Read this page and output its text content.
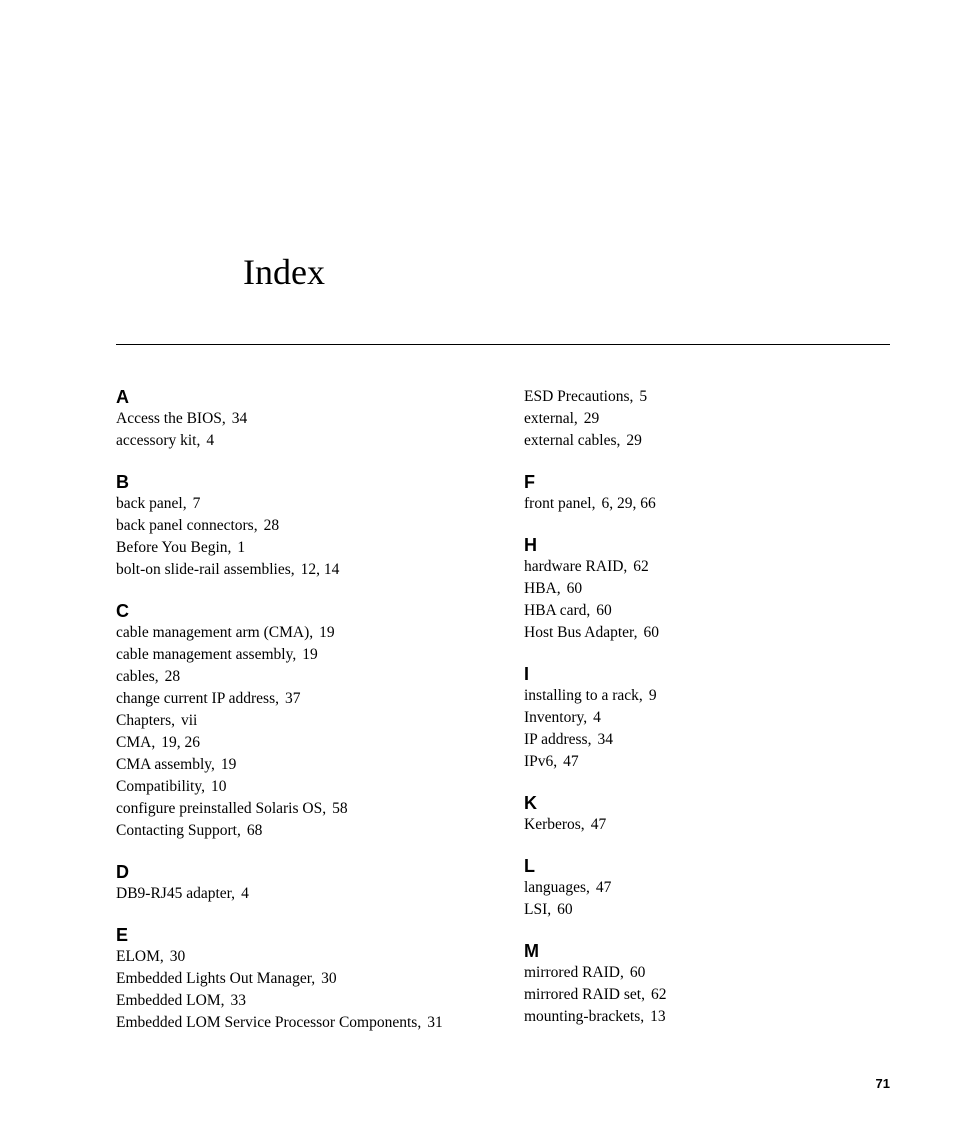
Index
A
Access the BIOS, 34
accessory kit, 4
B
back panel, 7
back panel connectors, 28
Before You Begin, 1
bolt-on slide-rail assemblies, 12, 14
C
cable management arm (CMA), 19
cable management assembly, 19
cables, 28
change current IP address, 37
Chapters, vii
CMA, 19, 26
CMA assembly, 19
Compatibility, 10
configure preinstalled Solaris OS, 58
Contacting Support, 68
D
DB9-RJ45 adapter, 4
E
ELOM, 30
Embedded Lights Out Manager, 30
Embedded LOM, 33
Embedded LOM Service Processor Components, 31
ESD Precautions, 5
external, 29
external cables, 29
F
front panel, 6, 29, 66
H
hardware RAID, 62
HBA, 60
HBA card, 60
Host Bus Adapter, 60
I
installing to a rack, 9
Inventory, 4
IP address, 34
IPv6, 47
K
Kerberos, 47
L
languages, 47
LSI, 60
M
mirrored RAID, 60
mirrored RAID set, 62
mounting-brackets, 13
71
